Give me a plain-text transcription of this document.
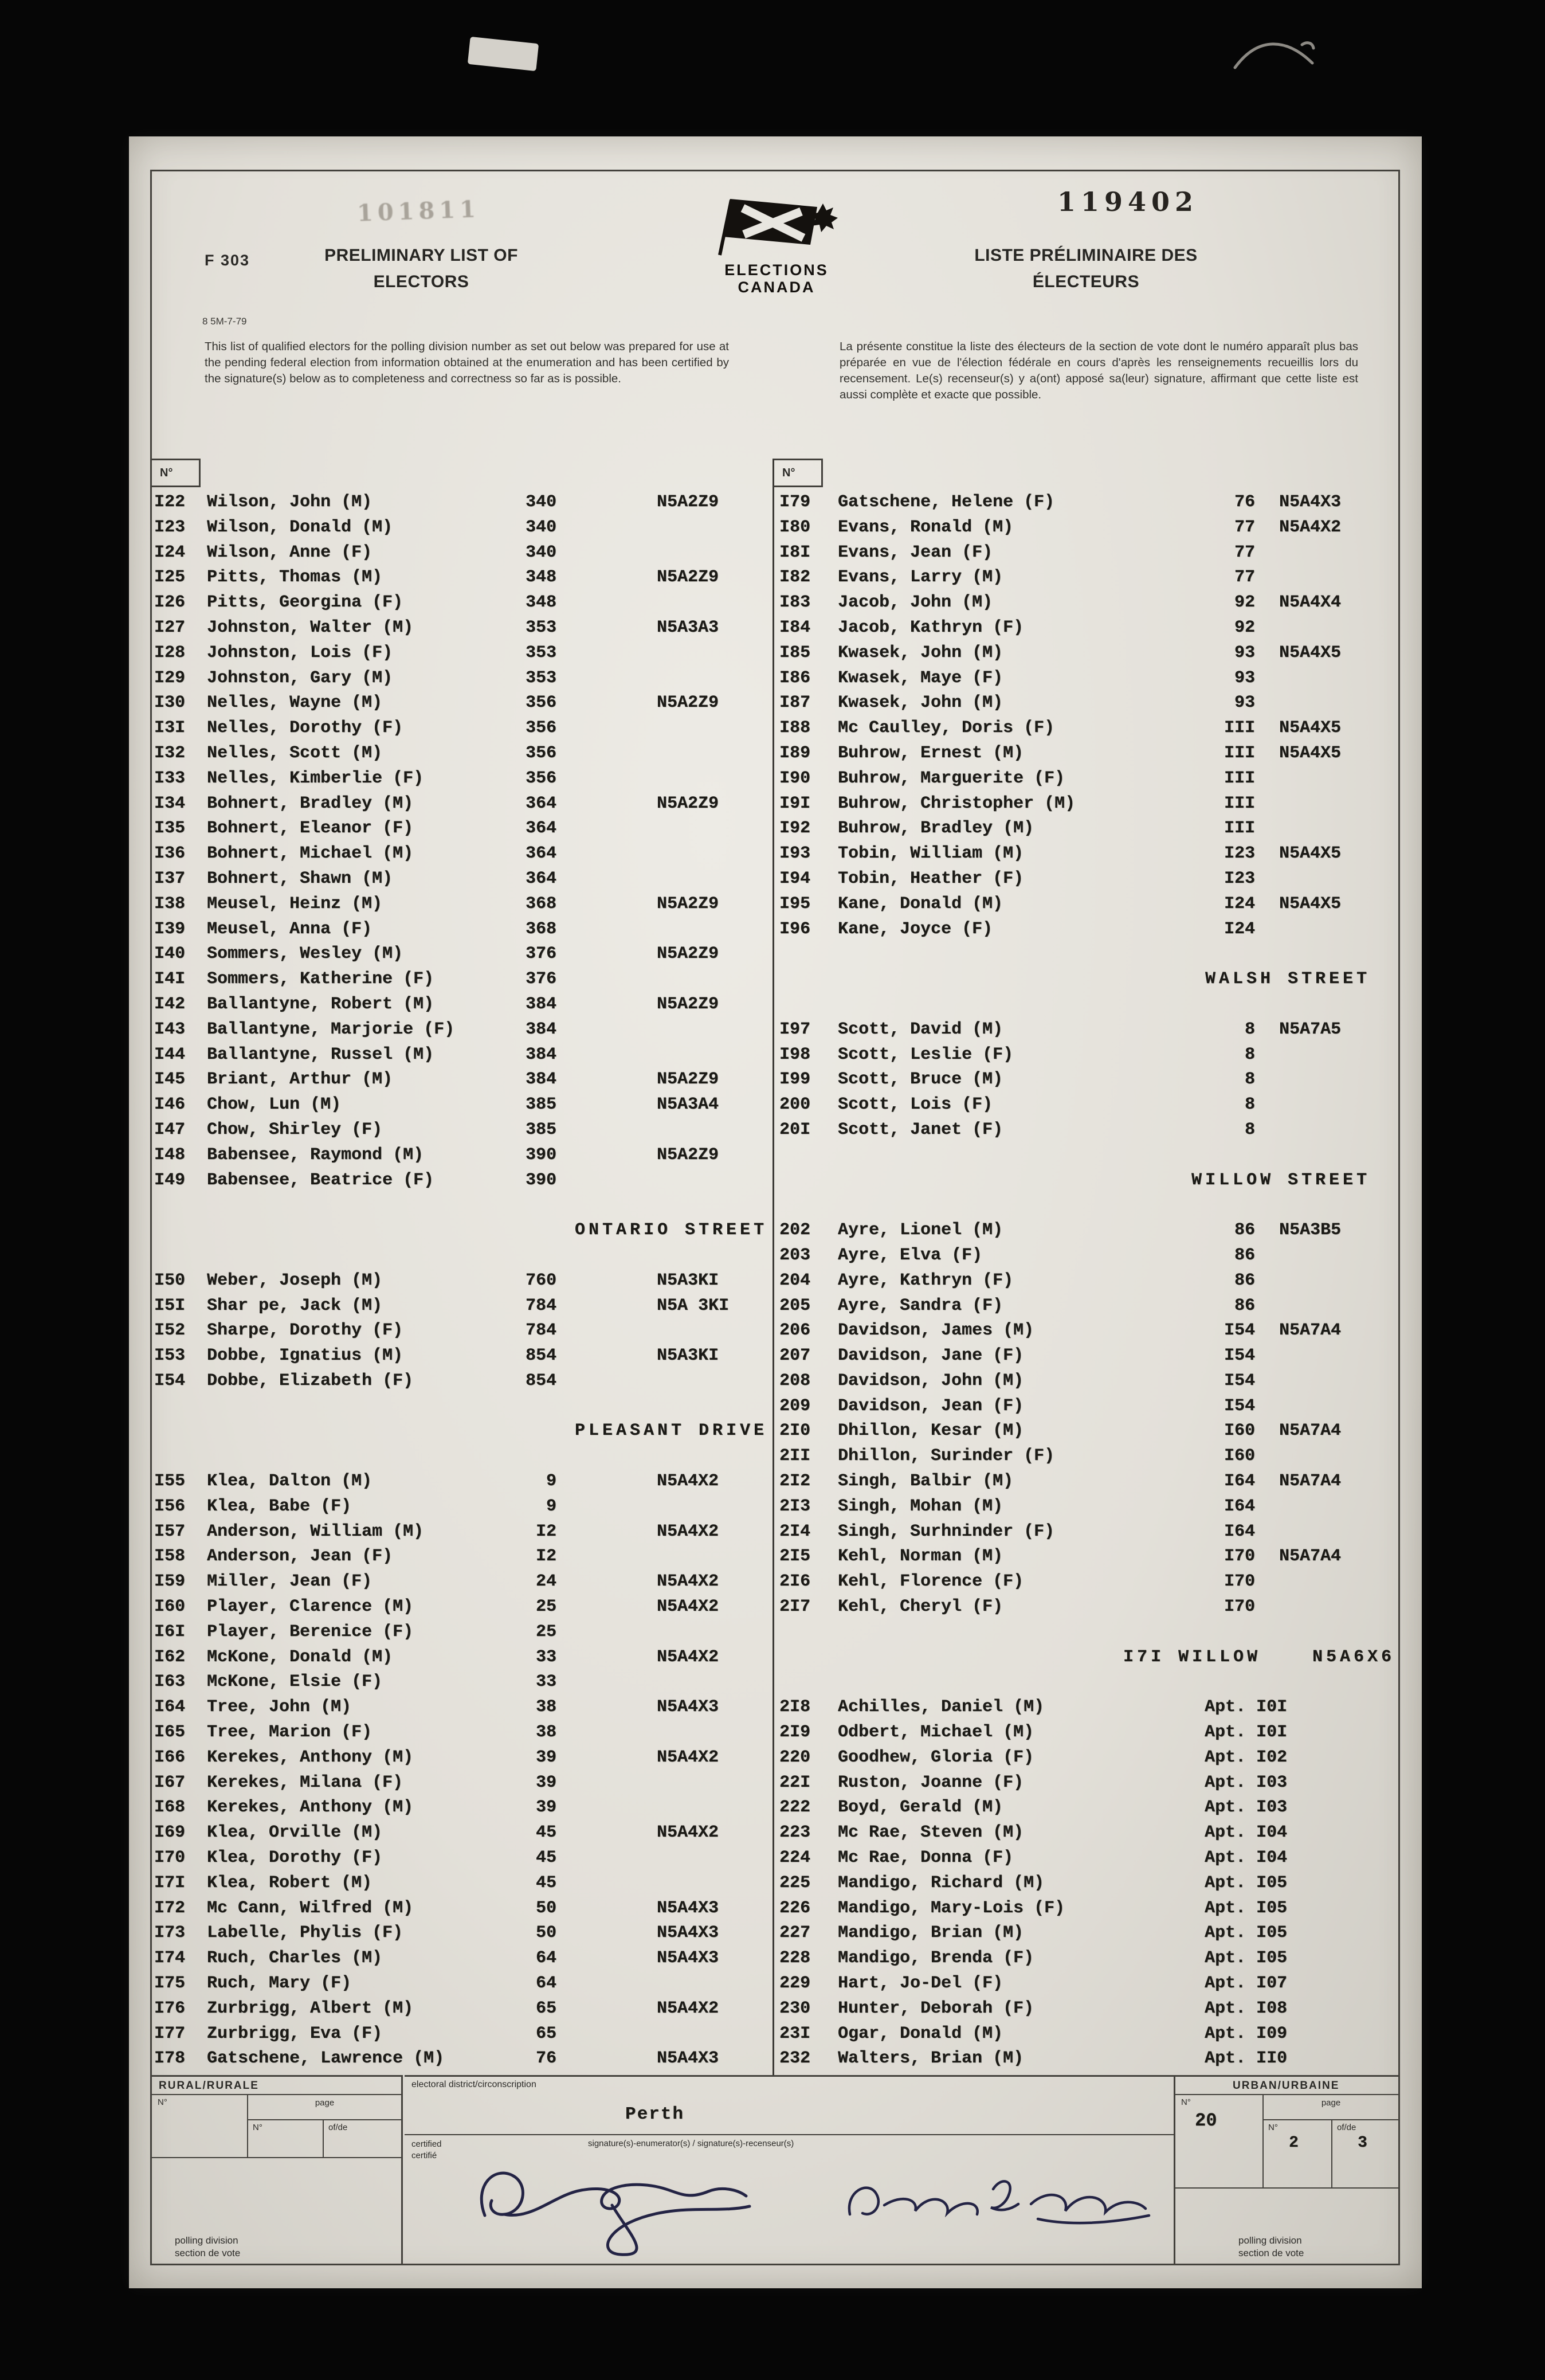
F 303	PRELIMINARY LIST OF
ELECTORS
8 5M-7-79
101811
ELECTIONS
CANADA
119402
LISTE PRÉLIMINAIRE DES
ÉLECTEURS
This list of qualified electors for the polling division number as set out below was prepared for use at the pending federal election from information obtained at the enumeration and has been certified by the signature(s) below as to completeness and correctness so far as is possible.
La présente constitue la liste des électeurs de la section de vote dont le numéro apparaît plus bas préparée en vue de l'élection fédérale en cours d'après les renseignements recueillis lors du recensement. Le(s) recenseur(s) y a(ont) apposé sa(leur) signature, affirmant que cette liste est aussi complète et exacte que possible.
N°	N°
I22 Wilson, John (M)	340	N5A2Z9
I23 Wilson, Donald (M)	340
I24 Wilson, Anne (F)	340
I25 Pitts, Thomas (M)	348	N5A2Z9
I26 Pitts, Georgina (F)	348
I27 Johnston, Walter (M)	353	N5A3A3
I28 Johnston, Lois (F)	353
I29 Johnston, Gary (M)	353
I30 Nelles, Wayne (M)	356	N5A2Z9
I3I Nelles, Dorothy (F)	356
I32 Nelles, Scott (M)	356
I33 Nelles, Kimberlie (F)	356
I34 Bohnert, Bradley (M)	364	N5A2Z9
I35 Bohnert, Eleanor (F)	364
I36 Bohnert, Michael (M)	364
I37 Bohnert, Shawn (M)	364
I38 Meusel, Heinz (M)	368	N5A2Z9
I39 Meusel, Anna (F)	368
I40 Sommers, Wesley (M)	376	N5A2Z9
I4I Sommers, Katherine (F)	376
I42 Ballantyne, Robert (M)	384	N5A2Z9
I43 Ballantyne, Marjorie (F)	384
I44 Ballantyne, Russel (M)	384
I45 Briant, Arthur (M)	384	N5A2Z9
I46 Chow, Lun (M)	385	N5A3A4
I47 Chow, Shirley (F)	385
I48 Babensee, Raymond (M)	390	N5A2Z9
I49 Babensee, Beatrice (F)	390
ONTARIO STREET
I50 Weber, Joseph (M)	760	N5A3KI
I5I Shar pe, Jack (M)	784	N5A 3KI
I52 Sharpe, Dorothy (F)	784
I53 Dobbe, Ignatius (M)	854	N5A3KI
I54 Dobbe, Elizabeth (F)	854
PLEASANT DRIVE
I55 Klea, Dalton (M)	9	N5A4X2
I56 Klea, Babe (F)	9
I57 Anderson, William (M)	I2	N5A4X2
I58 Anderson, Jean (F)	I2
I59 Miller, Jean (F)	24	N5A4X2
I60 Player, Clarence (M)	25	N5A4X2
I6I Player, Berenice (F)	25
I62 McKone, Donald (M)	33	N5A4X2
I63 McKone, Elsie (F)	33
I64 Tree, John (M)	38	N5A4X3
I65 Tree, Marion (F)	38
I66 Kerekes, Anthony (M)	39	N5A4X2
I67 Kerekes, Milana (F)	39
I68 Kerekes, Anthony (M)	39
I69 Klea, Orville (M)	45	N5A4X2
I70 Klea, Dorothy (F)	45
I7I Klea, Robert (M)	45
I72 Mc Cann, Wilfred (M)	50	N5A4X3
I73 Labelle, Phylis (F)	50	N5A4X3
I74 Ruch, Charles (M)	64	N5A4X3
I75 Ruch, Mary (F)	64
I76 Zurbrigg, Albert (M)	65	N5A4X2
I77 Zurbrigg, Eva (F)	65
I78 Gatschene, Lawrence (M)	76	N5A4X3
I79 Gatschene, Helene (F)	76 N5A4X3
I80 Evans, Ronald (M)	77 N5A4X2
I8I Evans, Jean (F)	77
I82 Evans, Larry (M)	77
I83 Jacob, John (M)	92 N5A4X4
I84 Jacob, Kathryn (F)	92
I85 Kwasek, John (M)	93 N5A4X5
I86 Kwasek, Maye (F)	93
I87 Kwasek, John (M)	93
I88 Mc Caulley, Doris (F)	III N5A4X5
I89 Buhrow, Ernest (M)	III N5A4X5
I90 Buhrow, Marguerite (F)	III
I9I Buhrow, Christopher (M)	III
I92 Buhrow, Bradley (M)	III
I93 Tobin, William (M)	I23 N5A4X5
I94 Tobin, Heather (F)	I23
I95 Kane, Donald (M)	I24 N5A4X5
I96 Kane, Joyce (F)	I24
WALSH STREET
I97 Scott, David (M)	8 N5A7A5
I98 Scott, Leslie (F)	8
I99 Scott, Bruce (M)	8
200 Scott, Lois (F)	8
20I Scott, Janet (F)	8
WILLOW STREET
202 Ayre, Lionel (M)	86 N5A3B5
203 Ayre, Elva (F)	86
204 Ayre, Kathryn (F)	86
205 Ayre, Sandra (F)	86
206 Davidson, James (M)	I54 N5A7A4
207 Davidson, Jane (F)	I54
208 Davidson, John (M)	I54
209 Davidson, Jean (F)	I54
2I0 Dhillon, Kesar (M)	I60 N5A7A4
2II Dhillon, Surinder (F)	I60
2I2 Singh, Balbir (M)	I64 N5A7A4
2I3 Singh, Mohan (M)	I64
2I4 Singh, Surhninder (F)	I64
2I5 Kehl, Norman (M)	I70 N5A7A4
2I6 Kehl, Florence (F)	I70
2I7 Kehl, Cheryl (F)	I70
I7I WILLOW	N5A6X6
2I8 Achilles, Daniel (M)	Apt. I0I
2I9 Odbert, Michael (M)	Apt. I0I
220 Goodhew, Gloria (F)	Apt. I02
22I Ruston, Joanne (F)	Apt. I03
222 Boyd, Gerald (M)	Apt. I03
223 Mc Rae, Steven (M)	Apt. I04
224 Mc Rae, Donna (F)	Apt. I04
225 Mandigo, Richard (M)	Apt. I05
226 Mandigo, Mary-Lois (F)	Apt. I05
227 Mandigo, Brian (M)	Apt. I05
228 Mandigo, Brenda (F)	Apt. I05
229 Hart, Jo-Del (F)	Apt. I07
230 Hunter, Deborah (F)	Apt. I08
23I Ogar, Donald (M)	Apt. I09
232 Walters, Brian (M)	Apt. II0
RURAL/RURALE
N°	page
N°	of/de
polling division
section de vote
electoral district/circonscription
Perth
certified
certifié
signature(s)-enumerator(s) / signature(s)-recenseur(s)
URBAN/URBAINE
N°
20
page
N°
2
of/de
3
polling division
section de vote
